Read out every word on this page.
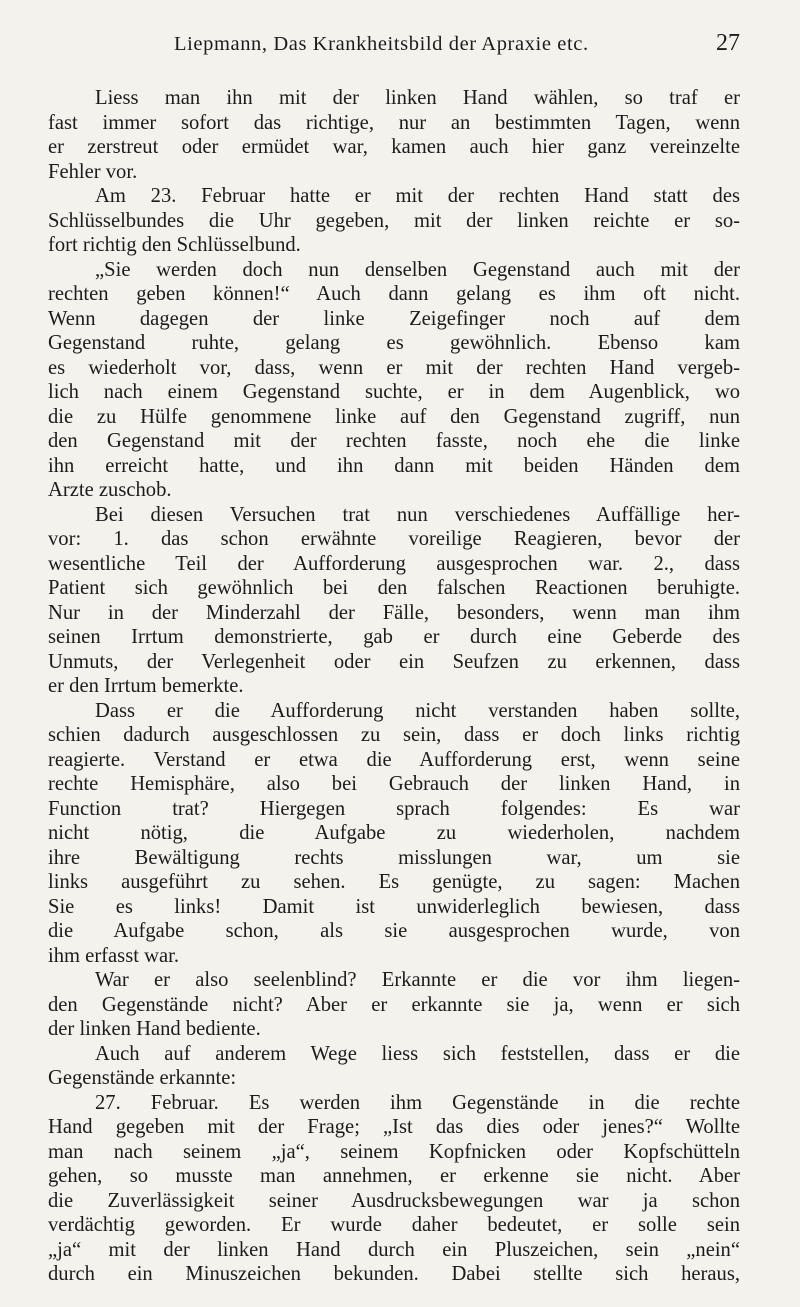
Liepmann, Das Krankheitsbild der Apraxie etc.	27
Liess man ihn mit der linken Hand wählen, so traf er
fast immer sofort das richtige, nur an bestimmten Tagen, wenn
er zerstreut oder ermüdet war, kamen auch hier ganz vereinzelte
Fehler vor.
Am 23. Februar hatte er mit der rechten Hand statt des
Schlüsselbundes die Uhr gegeben, mit der linken reichte er so-
fort richtig den Schlüsselbund.
„Sie werden doch nun denselben Gegenstand auch mit der
rechten geben können!“ Auch dann gelang es ihm oft nicht.
Wenn dagegen der linke Zeigefinger noch auf dem
Gegenstand ruhte, gelang es gewöhnlich. Ebenso kam
es wiederholt vor, dass, wenn er mit der rechten Hand vergeb-
lich nach einem Gegenstand suchte, er in dem Augenblick, wo
die zu Hülfe genommene linke auf den Gegenstand zugriff, nun
den Gegenstand mit der rechten fasste, noch ehe die linke
ihn erreicht hatte, und ihn dann mit beiden Händen dem
Arzte zuschob.
Bei diesen Versuchen trat nun verschiedenes Auffällige her-
vor: 1. das schon erwähnte voreilige Reagieren, bevor der
wesentliche Teil der Aufforderung ausgesprochen war. 2., dass
Patient sich gewöhnlich bei den falschen Reactionen beruhigte.
Nur in der Minderzahl der Fälle, besonders, wenn man ihm
seinen Irrtum demonstrierte, gab er durch eine Geberde des
Unmuts, der Verlegenheit oder ein Seufzen zu erkennen, dass
er den Irrtum bemerkte.
Dass er die Aufforderung nicht verstanden haben sollte,
schien dadurch ausgeschlossen zu sein, dass er doch links richtig
reagierte. Verstand er etwa die Aufforderung erst, wenn seine
rechte Hemisphäre, also bei Gebrauch der linken Hand, in
Function trat? Hiergegen sprach folgendes: Es war
nicht nötig, die Aufgabe zu wiederholen, nachdem
ihre Bewältigung rechts misslungen war, um sie
links ausgeführt zu sehen. Es genügte, zu sagen: Machen
Sie es links! Damit ist unwiderleglich bewiesen, dass
die Aufgabe schon, als sie ausgesprochen wurde, von
ihm erfasst war.
War er also seelenblind? Erkannte er die vor ihm liegen-
den Gegenstände nicht? Aber er erkannte sie ja, wenn er sich
der linken Hand bediente.
Auch auf anderem Wege liess sich feststellen, dass er die
Gegenstände erkannte:
27. Februar. Es werden ihm Gegenstände in die rechte
Hand gegeben mit der Frage; „Ist das dies oder jenes?“ Wollte
man nach seinem „ja“, seinem Kopfnicken oder Kopfschütteln
gehen, so musste man annehmen, er erkenne sie nicht. Aber
die Zuverlässigkeit seiner Ausdrucksbewegungen war ja schon
verdächtig geworden. Er wurde daher bedeutet, er solle sein
„ja“ mit der linken Hand durch ein Pluszeichen, sein „nein“
durch ein Minuszeichen bekunden. Dabei stellte sich heraus,
